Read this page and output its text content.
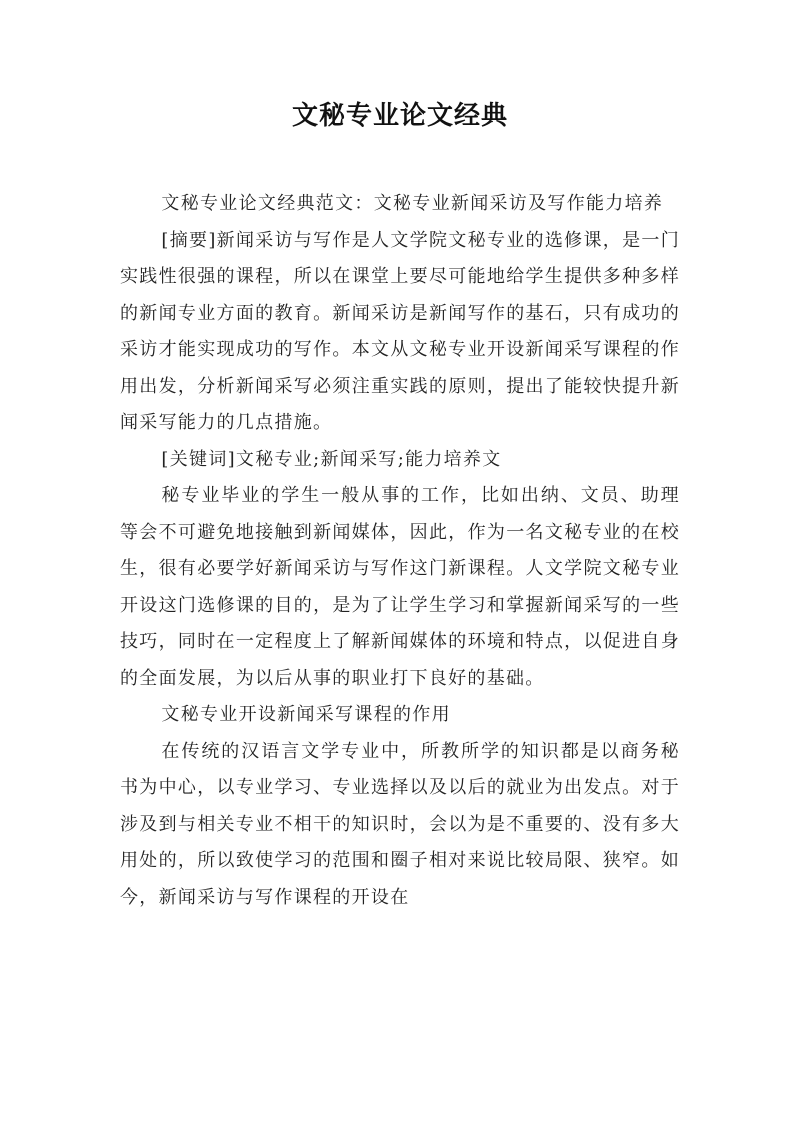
文秘专业论文经典

文秘专业论文经典范文：文秘专业新闻采访及写作能力培养

[摘要]新闻采访与写作是人文学院文秘专业的选修课，是一门实践性很强的课程，所以在课堂上要尽可能地给学生提供多种多样的新闻专业方面的教育。新闻采访是新闻写作的基石，只有成功的采访才能实现成功的写作。本文从文秘专业开设新闻采写课程的作用出发，分析新闻采写必须注重实践的原则，提出了能较快提升新闻采写能力的几点措施。

[关键词]文秘专业;新闻采写;能力培养文

秘专业毕业的学生一般从事的工作，比如出纳、文员、助理等会不可避免地接触到新闻媒体，因此，作为一名文秘专业的在校生，很有必要学好新闻采访与写作这门新课程。人文学院文秘专业开设这门选修课的目的，是为了让学生学习和掌握新闻采写的一些技巧，同时在一定程度上了解新闻媒体的环境和特点，以促进自身的全面发展，为以后从事的职业打下良好的基础。

文秘专业开设新闻采写课程的作用

在传统的汉语言文学专业中，所教所学的知识都是以商务秘书为中心，以专业学习、专业选择以及以后的就业为出发点。对于涉及到与相关专业不相干的知识时，会以为是不重要的、没有多大用处的，所以致使学习的范围和圈子相对来说比较局限、狭窄。如今，新闻采访与写作课程的开设在
